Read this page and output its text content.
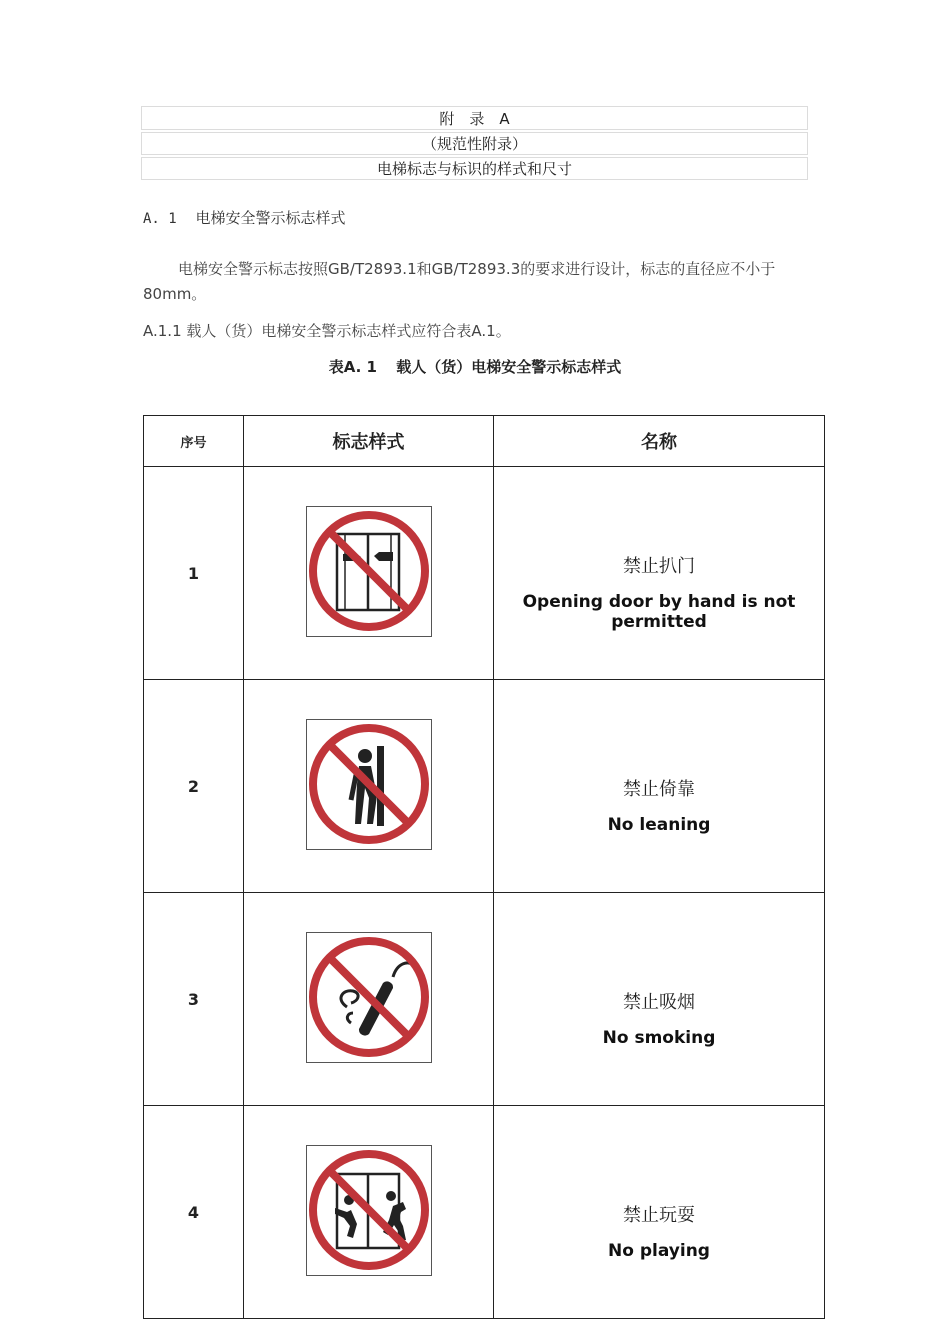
附　录　A
（规范性附录）
电梯标志与标识的样式和尺寸
A. 1 电梯安全警示标志样式
电梯安全警示标志按照GB/T2893.1和GB/T2893.3的要求进行设计，标志的直径应不小于80mm。
A.1.1 载人（货）电梯安全警示标志样式应符合表A.1。
表A. 1 载人（货）电梯安全警示标志样式
序号	标志样式	名称
1		禁止扒门
Opening door by hand is not permitted

2		禁止倚靠
No leaning

3		禁止吸烟
No smoking

4		禁止玩耍
No playing
